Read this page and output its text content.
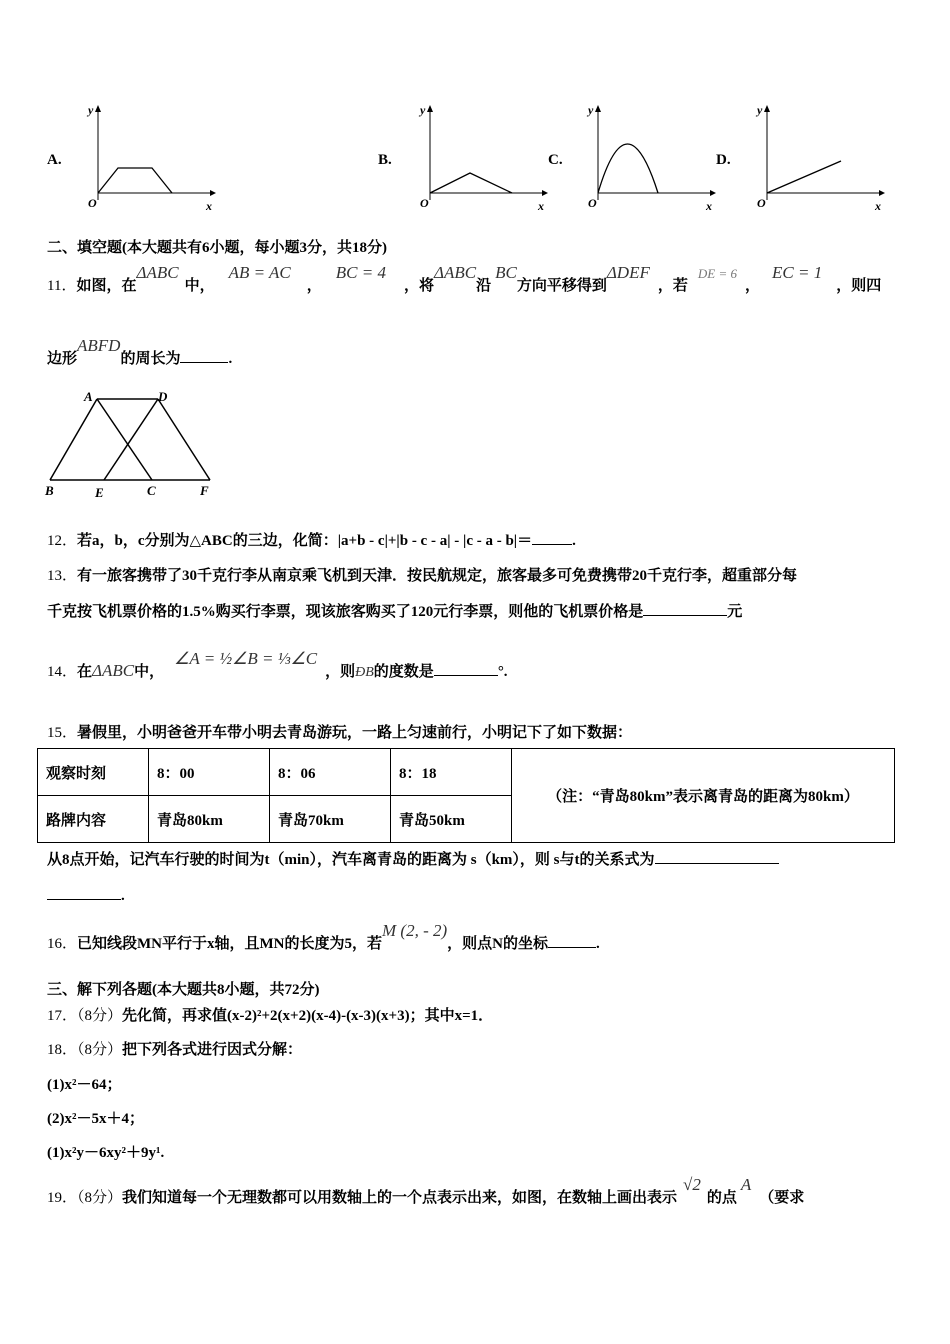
A.	B.	C.	D.
y
O	x
y
O	x
y
O	x
y
O	x
二、填空题(本大题共有6小题，每小题3分，共18分)
11．如图，在ΔABC中，AB = AC，BC = 4，将ΔABC沿BC方向平移得到ΔDEF，若DE = 6，EC = 1，则四
边形ABFD的周长为	.
A	D
B	E	C	F
12．若a，b，c分别为△ABC的三边，化简：|a+b - c|+|b - c - a| - |c - a - b|＝	.
13．有一旅客携带了30千克行李从南京乘飞机到天津．按民航规定，旅客最多可免费携带20千克行李，超重部分每
千克按飞机票价格的1.5%购买行李票，现该旅客购买了120元行李票，则他的飞机票价格是	元
14．在ΔABC中，∠A = ½∠B = ⅓∠C，则ÐB的度数是	°.
15．暑假里，小明爸爸开车带小明去青岛游玩，一路上匀速前行，小明记下了如下数据：
观察时刻	8：00	8：06	8：18	（注：“青岛80km”表示离青岛的距离为80km）
路牌内容	青岛80km	青岛70km	青岛50km	
从8点开始，记汽车行驶的时间为t（min），汽车离青岛的距离为 s（km），则 s与t的关系式为
.
16．已知线段MN平行于x轴，且MN的长度为5，若M (2, - 2)，则点N的坐标	.
三、解下列各题(本大题共8小题，共72分)
17．（8分）先化简，再求值(x-2)²+2(x+2)(x-4)-(x-3)(x+3)；其中x=1．
18．（8分）把下列各式进行因式分解：
(1)x²－64；
(2)x²－5x＋4；
(1)x²y－6xy²＋9y¹.
19．（8分）我们知道每一个无理数都可以用数轴上的一个点表示出来，如图，在数轴上画出表示√2的点A（要求
